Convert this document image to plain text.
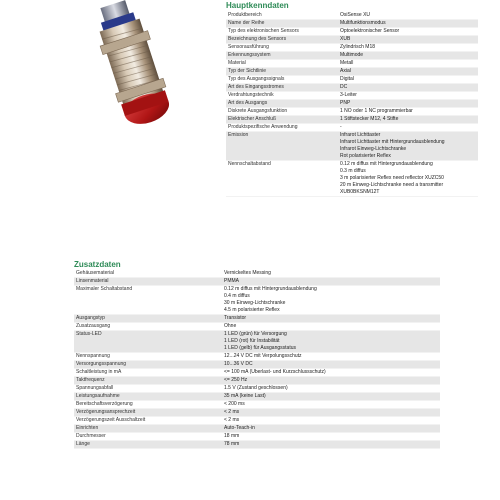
Hauptkenndaten
Produktbereich	OsiSense XU

Name der Reihe	Multifunktionsmodus

Typ des elektronischen Sensors	Optoelektronischer Sensor

Bezeichnung des Sensors	XUB

Sensorausführung	Zylindrisch M18

Erkennungssystem	Multimode

Material	Metall

Typ der Sichtlinie	Axial

Typ des Ausgangssignals	Digital

Art des Eingangsstromes	DC

Verdrahtungstechnik	3-Leiter

Art des Ausgangs	PNP

Diskrete Ausgangsfunktion	1 NO oder 1 NC programmierbar

Elektrischer Anschluß	1 Stiftstecker M12, 4 Stifte

Produktspezifische Anwendung	-

Emission	Infrarot Lichttaster
Infrarot Lichttaster mit Hintergrundausblendung
Infrarot Einweg-Lichtschranke
Rot polarisierter Reflex

Nennschaltabstand	0.12 m diffus mit Hintergrundausblendung
0.3 m diffus
3 m polarisierter Reflex need reflector XUZC50
20 m Einweg-Lichtschranke need a transmitter
XUB0BKSNM12T
Zusatzdaten
Gehäusematerial	Vernickeltes Messing

Linsenmaterial	PMMA

Maximaler Schaltabstand	0.12 m diffus mit Hintergrundausblendung
0.4 m diffus
30 m Einweg-Lichtschranke
4.5 m polarisierter Reflex

Ausgangstyp	Transistor

Zusatzausgang	Ohne

Status-LED	1 LED (grün) für Versorgung
1 LED (rot) für Instabilität
1 LED (gelb) für Ausgangsstatus

Nennspannung	12...24 V DC mit Verpolungsschutz

Versorgungsspannung	10...36 V DC

Schaltleistung in mA	<= 100 mA (Überlast- und Kurzschlussschutz)

Taktfrequenz	<= 250 Hz

Spannungsabfall	1.5 V (Zustand geschlossen)

Leistungsaufnahme	35 mA (keine Last)

Bereitschaftsverzögerung	< 200 ms

Verzögerungsansprechzeit	< 2 ms

Verzögerungszeit Ausschaltzeit	< 2 ms

Einrichten	Auto-Teach-in

Durchmesser	18 mm

Länge	78 mm
